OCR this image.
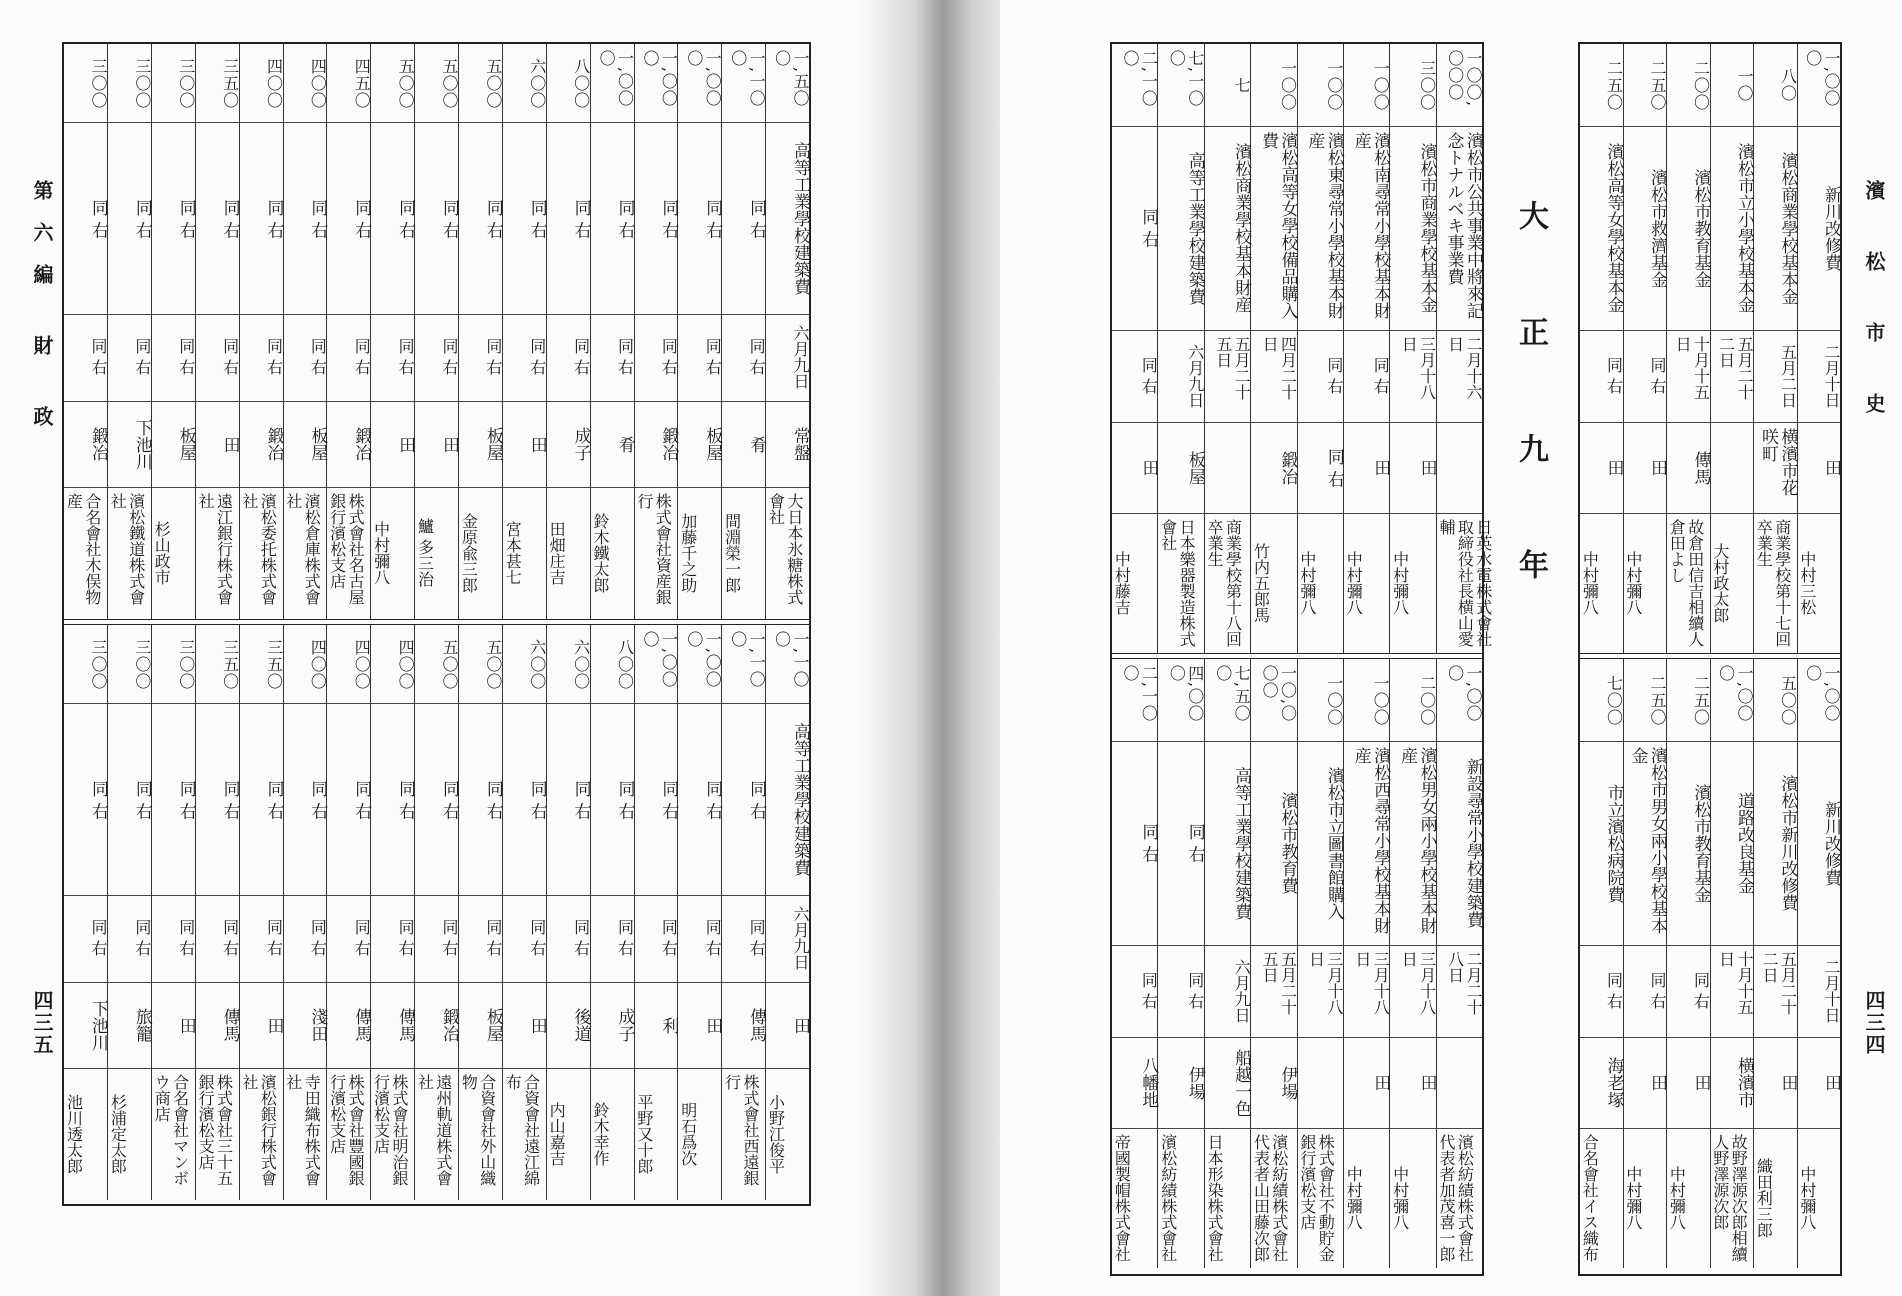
第六編 財 政
四三五
一,五〇〇
高等工業學校建築費
六月九日
常盤
大日本氷糖株式會社
一,一〇〇
同 右
同 右
肴
間淵榮一郎
一,〇〇〇
同 右
同 右
板屋
加藤千之助
一,〇〇〇
同 右
同 右
鍛冶
株式會社資産銀行
一,〇〇〇
同 右
同 右
肴
鈴木鐵太郎
八〇〇
同 右
同 右
成子
田畑庄吉
六〇〇
同 右
同 右
田
宮本甚七
五〇〇
同 右
同 右
板屋
金原兪三郎
五〇〇
同 右
同 右
田
鱸 多三治
五〇〇
同 右
同 右
田
中村彌八
四五〇
同 右
同 右
鍛冶
株式會社名古屋銀行濱松支店
四〇〇
同 右
同 右
板屋
濱松倉庫株式會社
四〇〇
同 右
同 右
鍛冶
濱松委托株式會社
三五〇
同 右
同 右
田
遠江銀行株式會社
三〇〇
同 右
同 右
板屋
杉山政市
三〇〇
同 右
同 右
下池川
濱松鐵道株式會社
三〇〇
同 右
同 右
鍛冶
合名會社木俣物産
一,一〇〇
高等工業學校建築費
六月九日
田
小野江俊平
一,一〇〇
同 右
同 右
傳馬
株式會社西遠銀行
一,〇〇〇
同 右
同 右
田
明石爲次
一,〇〇〇
同 右
同 右
利
平野又十郎
八〇〇
同 右
同 右
成子
鈴木幸作
六〇〇
同 右
同 右
後道
内山嘉吉
六〇〇
同 右
同 右
田
合資會社遠江綿布
五〇〇
同 右
同 右
板屋
合資會社外山織物
五〇〇
同 右
同 右
鍛冶
遠州軌道株式會社
四〇〇
同 右
同 右
傳馬
株式會社明治銀行濱松支店
四〇〇
同 右
同 右
傳馬
株式會社豐國銀行濱松支店
四〇〇
同 右
同 右
淺田
寺田織布株式會社
三五〇
同 右
同 右
田
濱松銀行株式會社
三五〇
同 右
同 右
傳馬
株式會社三十五銀行濱松支店
三〇〇
同 右
同 右
田
合名會社マンボウ商店
三〇〇
同 右
同 右
旅籠
杉浦定太郎
三〇〇
同 右
同 右
下池川
池川透太郎
一〇〇,〇〇〇
濱松市公共事業中將來記念トナルベキ事業費
二月十六日
日英水電株式會社取締役社長横山愛輔
三〇〇
濱松市商業學校基本金
三月十八日
田
中村彌八
一〇〇
濱松南尋常小學校基本財産
同 右
田
中村彌八
一〇〇
濱松東尋常小學校基本財産
同 右
同 右
中村彌八
一〇〇
濱松高等女學校備品購入費
四月二十日
鍛冶
竹内五郎馬
七
濱松商業學校基本財産
五月二十五日
商業學校第十八回卒業生
七,一〇〇
高等工業學校建築費
六月九日
板屋
日本樂器製造株式會社
二,一〇〇
同 右
同 右
田
中村藤吉
一,〇〇〇
新設尋常小學校建築費
二月二十八日
濱松紡績株式會社代表者加茂喜一郎
二〇〇
濱松男女兩小學校基本財産
三月十八日
田
中村彌八
一〇〇
濱松西尋常小學校基本財産
三月十八日
田
中村彌八
一〇〇
濱松市立圖書館購入
三月十八日
株式會社不動貯金銀行濱松支店
一〇,〇〇〇
濱松市教育費
五月二十五日
伊場
濱松紡績株式會社代表者山田藤次郎
七,五〇〇
高等工業學校建築費
六月九日
船越一色
日本形染株式會社
四,〇〇〇
同 右
同 右
伊場
濱松紡績株式會社
二,一〇〇
同 右
同 右
八幡地
帝國製帽株式會社
大 正 九 年
一,〇〇〇
新川改修費
二月十日
田
中村三松
八〇
濱松商業學校基本金
五月二日
横濱市花咲町
商業學校第十七回卒業生
一〇
濱松市立小學校基本金
五月二十二日
大村政太郎
二〇〇
濱松市教育基金
十月十五日
傳馬
故倉田信吉相續人倉田よし
二五〇
濱松市救濟基金
同 右
田
中村彌八
二五〇
濱松高等女學校基本金
同 右
田
中村彌八
一,〇〇〇
新川改修費
二月十日
田
中村彌八
五〇〇
濱松市新川改修費
五月二十二日
田
織田利三郎
一,〇〇〇
道路改良基金
十月十五日
横濱市
故野澤源次郎相續人野澤源次郎
二五〇
濱松市教育基金
同 右
田
中村彌八
二五〇
濱松市男女兩小學校基本金
同 右
田
中村彌八
七〇〇
市立濱松病院費
同 右
海老塚
合名會社イス織布
濱 松 市 史
四三四
